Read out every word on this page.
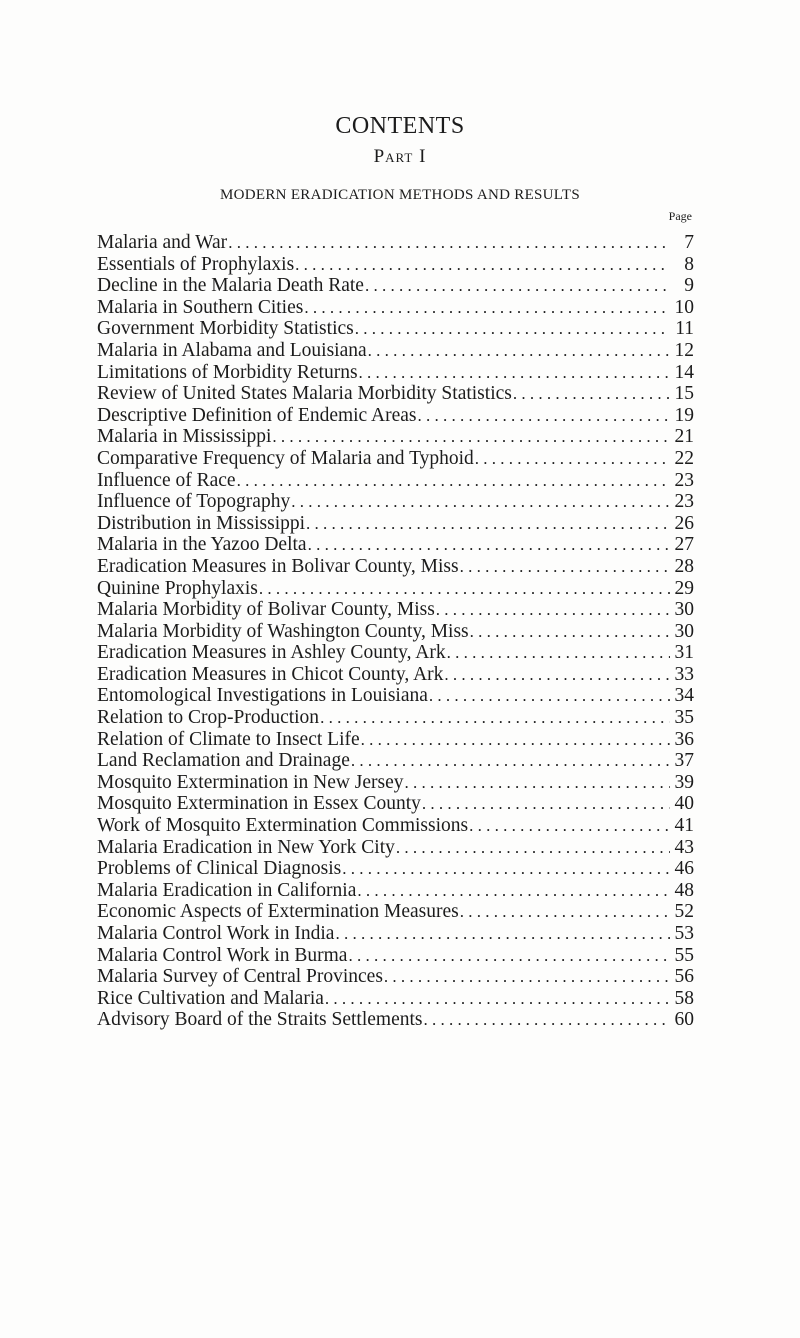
CONTENTS
Part I
MODERN ERADICATION METHODS AND RESULTS
Page
Malaria and War . . .	7
Essentials of Prophylaxis . . .	8
Decline in the Malaria Death Rate . . .	9
Malaria in Southern Cities . . .	10
Government Morbidity Statistics . . .	11
Malaria in Alabama and Louisiana . . .	12
Limitations of Morbidity Returns . . .	14
Review of United States Malaria Morbidity Statistics . . .	15
Descriptive Definition of Endemic Areas . . .	19
Malaria in Mississippi . . .	21
Comparative Frequency of Malaria and Typhoid . . .	22
Influence of Race . . .	23
Influence of Topography . . .	23
Distribution in Mississippi . . .	26
Malaria in the Yazoo Delta . . .	27
Eradication Measures in Bolivar County, Miss . . .	28
Quinine Prophylaxis . . .	29
Malaria Morbidity of Bolivar County, Miss . . .	30
Malaria Morbidity of Washington County, Miss . . .	30
Eradication Measures in Ashley County, Ark . . .	31
Eradication Measures in Chicot County, Ark . . .	33
Entomological Investigations in Louisiana . . .	34
Relation to Crop-Production . . .	35
Relation of Climate to Insect Life . . .	36
Land Reclamation and Drainage . . .	37
Mosquito Extermination in New Jersey . . .	39
Mosquito Extermination in Essex County . . .	40
Work of Mosquito Extermination Commissions . . .	41
Malaria Eradication in New York City . . .	43
Problems of Clinical Diagnosis . . .	46
Malaria Eradication in California . . .	48
Economic Aspects of Extermination Measures . . .	52
Malaria Control Work in India . . .	53
Malaria Control Work in Burma . . .	55
Malaria Survey of Central Provinces . . .	56
Rice Cultivation and Malaria . . .	58
Advisory Board of the Straits Settlements . . .	60
